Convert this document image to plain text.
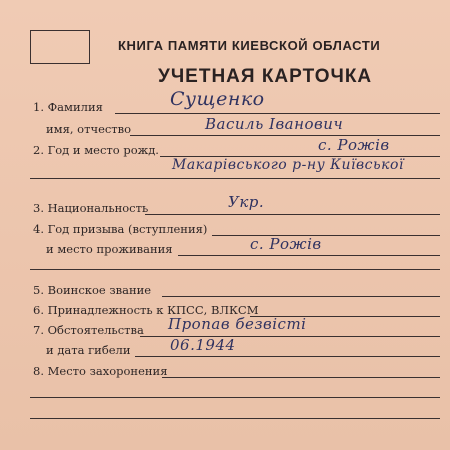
КНИГА ПАМЯТИ КИЕВСКОЙ ОБЛАСТИ
УЧЕТНАЯ КАРТОЧКА
1. Фамилия	Сущенко
имя, отчество	Василь Іванович
2. Год и место рожд.	с. Рожів
Макарівського р-ну Київської
3. Национальность	Укр.
4. Год призыва (вступления)
и место проживания	с. Рожів
5. Воинское звание
6. Принадлежность к КПСС, ВЛКСМ
7. Обстоятельства Пропав безвісті
и дата гибели	06.1944
8. Место захоронения
